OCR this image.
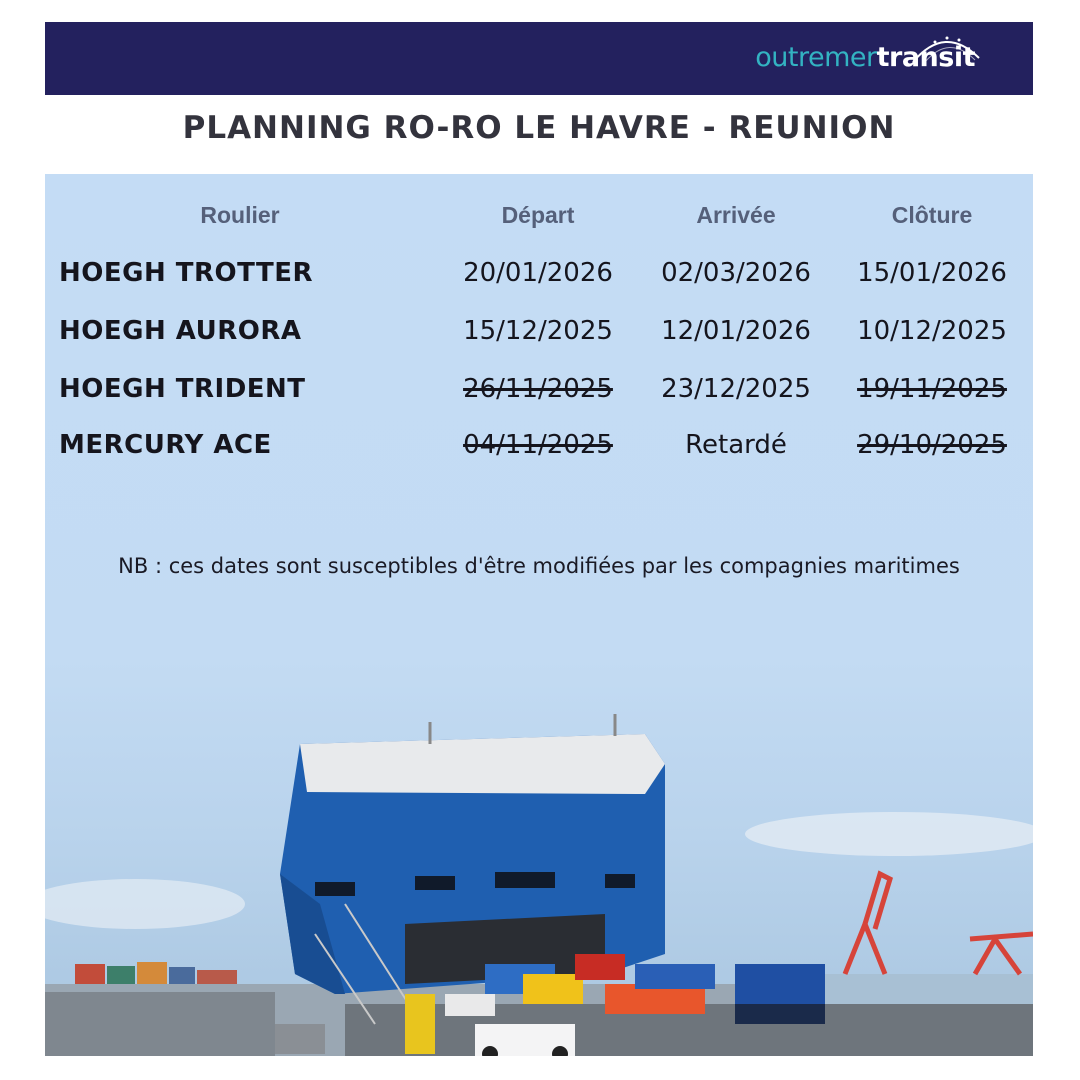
outremertransit
PLANNING RO-RO LE HAVRE - REUNION
Roulier	Départ	Arrivée	Clôture
HOEGH TROTTER	20/01/2026	02/03/2026	15/01/2026
HOEGH AURORA	15/12/2025	12/01/2026	10/12/2025
HOEGH TRIDENT	26/11/2025	23/12/2025	19/11/2025
MERCURY ACE	04/11/2025	Retardé	29/10/2025
NB : ces dates sont susceptibles d'être modifiées par les compagnies maritimes
